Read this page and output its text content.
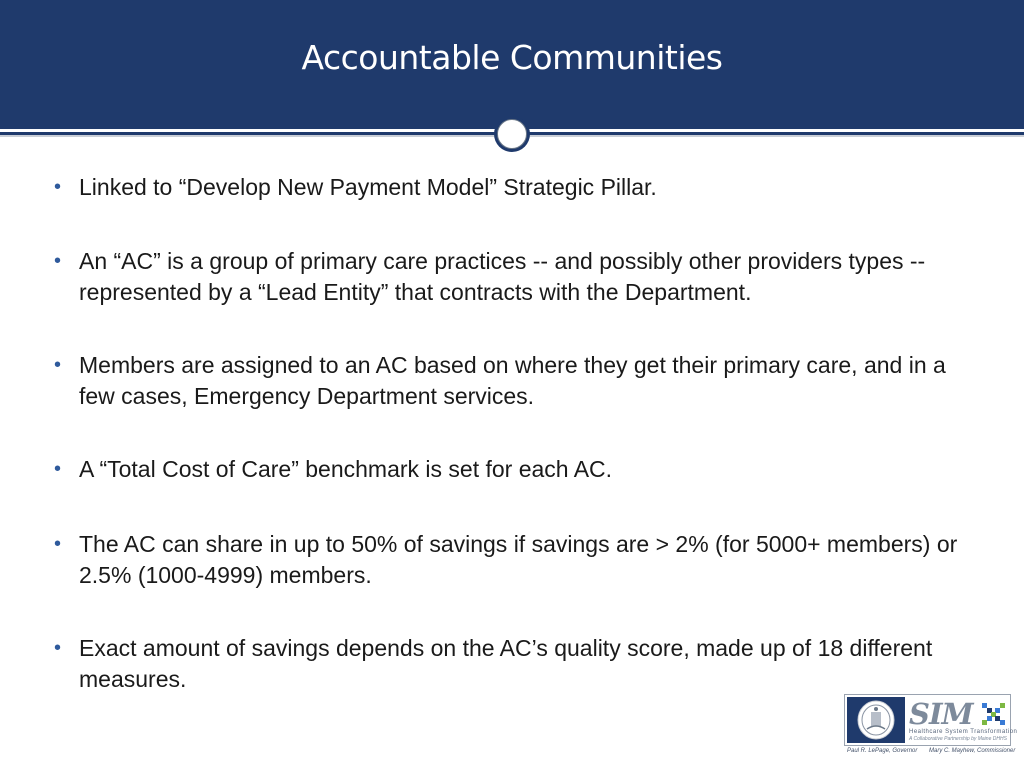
Accountable Communities
• Linked to “Develop New Payment Model” Strategic Pillar.
• An “AC” is a group of primary care practices -- and possibly other providers types -- represented by a “Lead Entity” that contracts with the Department.
• Members are assigned to an AC based on where they get their primary care, and in a few cases, Emergency Department services.
• A “Total Cost of Care” benchmark is set for each AC.
• The AC can share in up to 50% of savings if savings are > 2% (for 5000+ members) or 2.5% (1000-4999) members.
• Exact amount of savings depends on the AC’s quality score, made up of 18 different measures.
SIM
Healthcare System Transformation
A Collaborative Partnership by Maine DHHS
Paul R. LePage, Governor Mary C. Mayhew, Commissioner
